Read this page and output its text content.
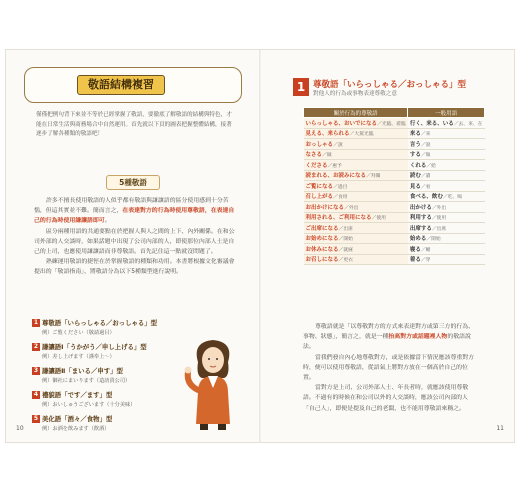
敬語結構複習
僅僅把例句背下來並不等於已經掌握了敬語，要徹底了解敬語的結構與特色，才能在日常生活與商務場合中自然運用。首先就以下頁的圖表把握整體結構，接著逐步了解各種類的敬語吧！
5種敬語

許多不擅長使用敬語的人似乎都有敬語與謙讓語的區分使用感到十分苦惱，但這其實並不難。簡而言之，在表達對方的行為時使用尊敬語，在表達自己的行為時使用謙讓語即可。

區分兩種用語的共通要點在於把握人與人之間的上下、內外關係。在和公司外部的人交談時，如果話題中出現了公司內部的人，即使那位內部人士是自己的上司，也應使用謙讓語而非尊敬語。首先記住這一點就沒問題了。

熟練運用敬語的捷徑在於掌握敬語的種類和功用。本書將根據文化審議會提出的「敬語指南」，將敬語分為以下5種類型進行說明。

1 尊敬語「いらっしゃる／おっしゃる」型
例）ご覧ください（敬請過目）
2 謙讓語Ⅰ「うかがう／申し上げる」型
例）差し上げます（謹奉上～）
3 謙讓語Ⅱ「まいる／申す」型
例）御社にまいります（造訪貴公司）
4 禮貌語「です／ます」型
例）おいしゅうございます（十分美味）
5 美化語「酒々／食物」型
例）お酒を飲みます（飲酒）
10
1 尊敬語「いらっしゃる／おっしゃる」型
對他人的行為或事物表達尊敬之意
關於行為的尊敬語	一般用語
いらっしゃる、おいでになる／光臨、蒞臨	行く、来る、いる／去、來、在
見える、来られる／大駕光臨	来る／來
おっしゃる／說	言う／說
なさる／做	する／做
くださる／惠予	くれる／給
読まれる、お読みになる／拜閱	読む／讀
ご覧になる／過目	見る／看
召し上がる／食用	食べる、飲む／吃、喝
お出かけになる／外出	出かける／外出
利用される、ご利用になる／使用	利用する／使用
ご出席になる／出席	出席する／出席
お始めになる／開始	始める／開始
お休みになる／就寢	寝る／睡
お召しになる／更衣	着る／穿

尊敬語就是「以尊敬對方的方式來表達對方或第三方的行為、事物、狀態」，簡言之，就是一種抬高對方或話題裡人物的敬語說法。

當我們發自內心地尊敬對方，或是依據當下情況應該尊重對方時，便可以使用尊敬語，從語氣上將對方放在一個高於自己的位置。

當對方是上司、公司外部人士、年長者時，就應該使用尊敬語。不過有的時候在和公司以外的人交談時，應該公司內部的人「自己人」，即便是提及自己的老闆，也不能用尊敬語來稱之。

11
